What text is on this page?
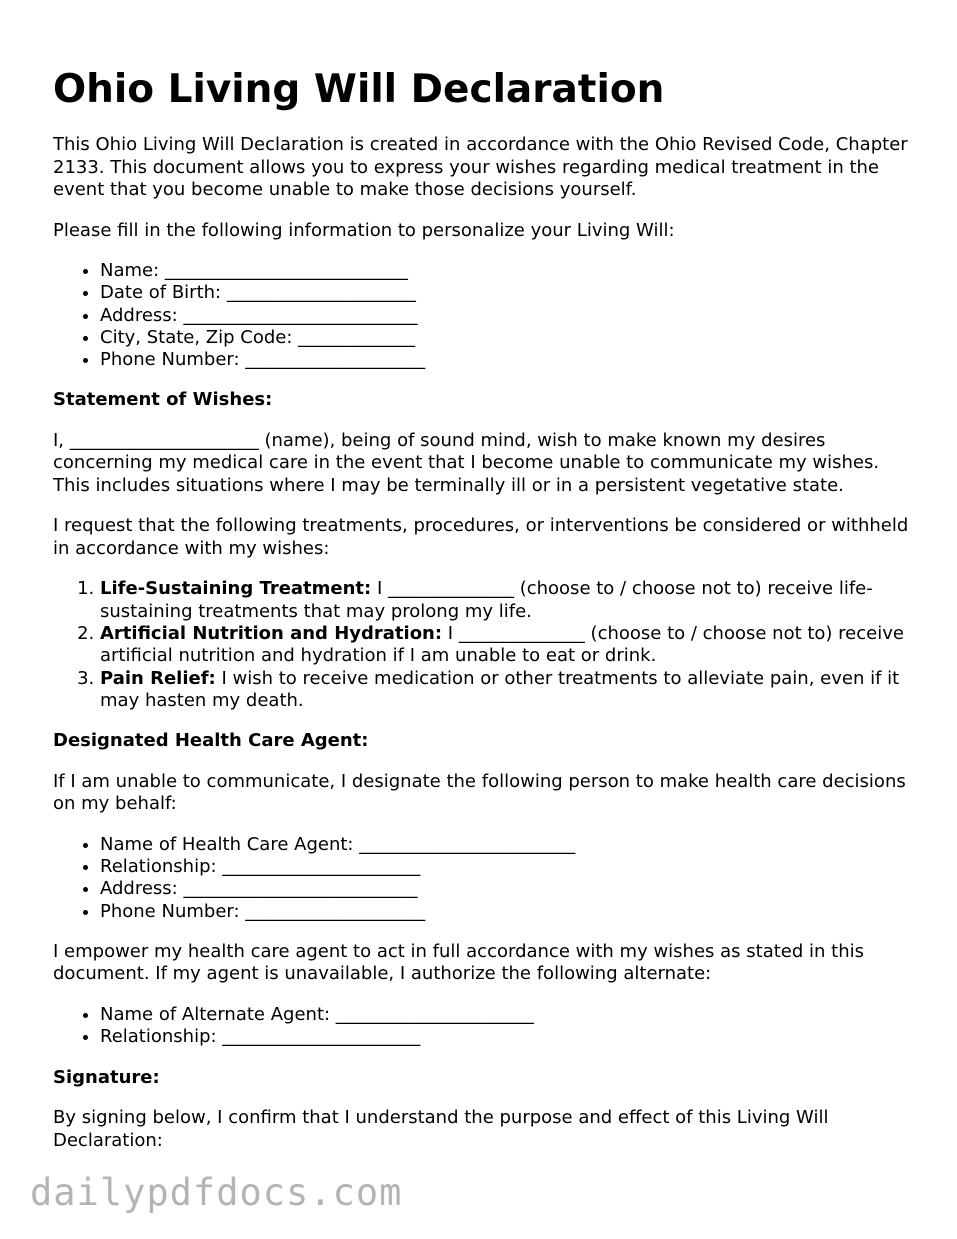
Ohio Living Will Declaration

This Ohio Living Will Declaration is created in accordance with the Ohio Revised Code, Chapter 2133. This document allows you to express your wishes regarding medical treatment in the event that you become unable to make those decisions yourself.

Please fill in the following information to personalize your Living Will:

• Name: ___________________________
• Date of Birth: _____________________
• Address: __________________________
• City, State, Zip Code: _____________
• Phone Number: ____________________

Statement of Wishes:

I, _____________________ (name), being of sound mind, wish to make known my desires concerning my medical care in the event that I become unable to communicate my wishes. This includes situations where I may be terminally ill or in a persistent vegetative state.

I request that the following treatments, procedures, or interventions be considered or withheld in accordance with my wishes:

1. Life-Sustaining Treatment: I ______________ (choose to / choose not to) receive life-sustaining treatments that may prolong my life.
2. Artificial Nutrition and Hydration: I ______________ (choose to / choose not to) receive artificial nutrition and hydration if I am unable to eat or drink.
3. Pain Relief: I wish to receive medication or other treatments to alleviate pain, even if it may hasten my death.

Designated Health Care Agent:

If I am unable to communicate, I designate the following person to make health care decisions on my behalf:

• Name of Health Care Agent: ________________________
• Relationship: ______________________
• Address: __________________________
• Phone Number: ____________________

I empower my health care agent to act in full accordance with my wishes as stated in this document. If my agent is unavailable, I authorize the following alternate:

• Name of Alternate Agent: ______________________
• Relationship: ______________________

Signature:

By signing below, I confirm that I understand the purpose and effect of this Living Will Declaration:

dailypdfdocs.com
